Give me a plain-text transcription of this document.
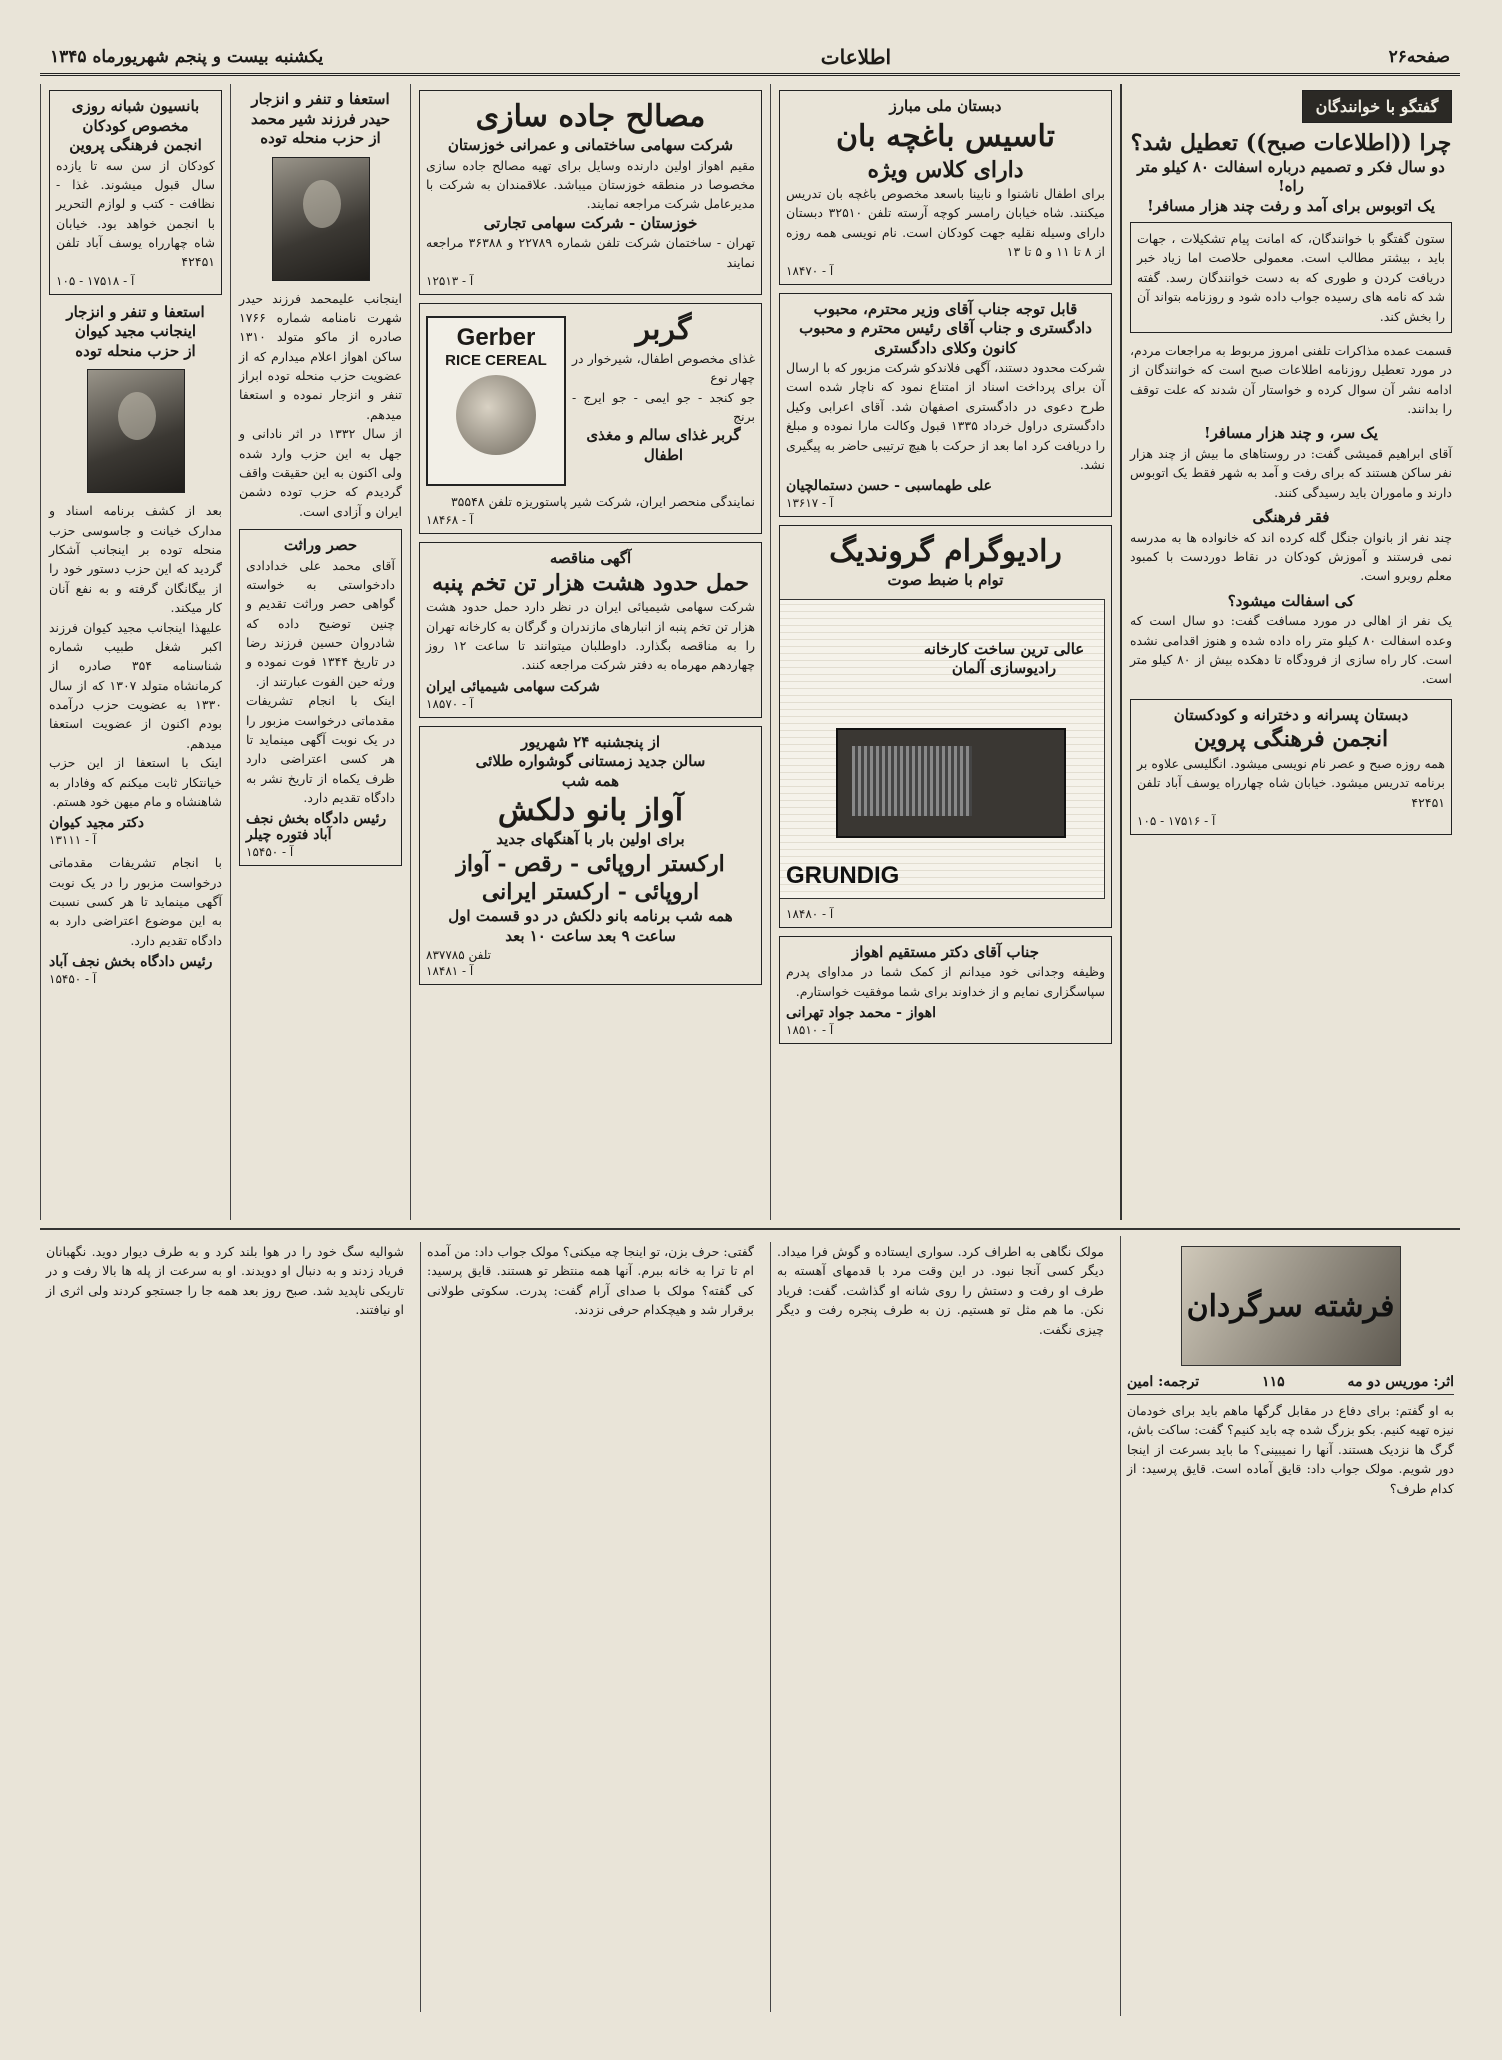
صفحه۲۶
اطلاعات
یکشنبه بیست و پنجم شهریورماه ۱۳۴۵
گفتگو با خوانندگان
چرا ((اطلاعات صبح)) تعطیل شد؟
دو سال فکر و تصمیم درباره اسفالت ۸۰ کیلو متر راه!
یک اتوبوس برای آمد و رفت چند هزار مسافر!
ستون گفتگو با خوانندگان، که امانت پیام تشکیلات ، جهات باید ، بیشتر مطالب است. معمولی حلاصت اما زیاد خبر دریافت کردن و طوری که به دست خوانندگان رسد. گفته شد که نامه های رسیده جواب داده شود و روزنامه بتواند آن را بخش کند.
قسمت عمده مذاکرات تلفنی امروز مربوط به مراجعات مردم، در مورد تعطیل روزنامه اطلاعات صبح است که خوانندگان از ادامه نشر آن سوال کرده و خواستار آن شدند که علت توقف را بدانند.
یک سر، و چند هزار مسافر!
آقای ابراهیم قمیشی گفت: در روستاهای ما بیش از چند هزار نفر ساکن هستند که برای رفت و آمد به شهر فقط یک اتوبوس دارند و ماموران باید رسیدگی کنند.
فقر فرهنگی
چند نفر از بانوان جنگل گله کرده اند که خانواده ها به مدرسه نمی فرستند و آموزش کودکان در نقاط دوردست با کمبود معلم روبرو است.
کی اسفالت میشود؟
یک نفر از اهالی در مورد مسافت گفت: دو سال است که وعده اسفالت ۸۰ کیلو متر راه داده شده و هنوز اقدامی نشده است. کار راه سازی از فرودگاه تا دهکده بیش از ۸۰ کیلو متر است.
دبستان پسرانه و دخترانه و کودکستان
انجمن فرهنگی پروین
همه روزه صبح و عصر نام نویسی میشود. انگلیسی علاوه بر برنامه تدریس میشود. خیابان شاه چهارراه یوسف آباد تلفن ۴۲۴۵۱
آ - ۱۷۵۱۶ - ۱۰۵
دبستان ملی مبارز
تاسیس باغچه بان
دارای کلاس ویژه
برای اطفال ناشنوا و نابینا باسعد مخصوص باغچه بان تدریس میکنند. شاه خیابان رامسر کوچه آرسته تلفن ۳۲۵۱۰ دبستان دارای وسیله نقلیه جهت کودکان است. نام نویسی همه روزه از ۸ تا ۱۱ و ۵ تا ۱۳
آ - ۱۸۴۷۰
قابل توجه جناب آقای وزیر محترم، محبوب دادگستری و جناب آقای رئیس محترم و محبوب کانون وکلای دادگستری
شرکت محدود دستند، آگهی فلاندکو شرکت مزبور که با ارسال آن برای پرداخت اسناد از امتناع نمود که ناچار شده است طرح دعوی در دادگستری اصفهان شد. آقای اعرابی وکیل دادگستری دراول خرداد ۱۳۳۵ قبول وکالت مارا نموده و مبلغ را دریافت کرد اما بعد از حرکت با هیچ ترتیبی حاضر به پیگیری نشد.
علی طهماسبی - حسن دستمالچیان
آ - ۱۳۶۱۷
رادیوگرام گروندیگ
توام با ضبط صوت
عالی ترین ساخت کارخانه رادیوسازی آلمان
GRUNDIG
آ - ۱۸۴۸۰
جناب آقای دکتر مستقیم اهواز
وظیفه وجدانی خود میدانم از کمک شما در مداوای پدرم سپاسگزاری نمایم و از خداوند برای شما موفقیت خواستارم.
اهواز - محمد جواد تهرانی
آ - ۱۸۵۱۰
مصالح جاده سازی
شرکت سهامی ساختمانی و عمرانی خوزستان
مقیم اهواز اولین دارنده وسایل برای تهیه مصالح جاده سازی مخصوصا در منطقه خوزستان میباشد. علاقمندان به شرکت با مدیرعامل شرکت مراجعه نمایند.
خوزستان - شرکت سهامی تجارتی
تهران - ساختمان شرکت تلفن شماره ۲۲۷۸۹ و ۳۶۳۸۸ مراجعه نمایند
آ - ۱۲۵۱۳
گربر
غذای مخصوص اطفال، شیرخوار در چهار نوع
جو کنجد - جو ایمی - جو ایرج - برنج
گربر غذای سالم و مغذی اطفال
Gerber
RICE CEREAL
نمایندگی منحصر ایران، شرکت شیر پاستوریزه تلفن ۳۵۵۴۸
آ - ۱۸۴۶۸
آگهی مناقصه
حمل حدود هشت هزار تن تخم پنبه
شرکت سهامی شیمیائی ایران در نظر دارد حمل حدود هشت هزار تن تخم پنبه از انبارهای مازندران و گرگان به کارخانه تهران را به مناقصه بگذارد. داوطلبان میتوانند تا ساعت ۱۲ روز چهاردهم مهرماه به دفتر شرکت مراجعه کنند.
شرکت سهامی شیمیائی ایران
آ - ۱۸۵۷۰
از پنجشنبه ۲۴ شهریور
سالن جدید زمستانی گوشواره طلائی
همه شب
آواز بانو دلکش
برای اولین بار با آهنگهای جدید
ارکستر اروپائی - رقص - آواز
اروپائی - ارکستر ایرانی
همه شب برنامه بانو دلکش در دو قسمت اول ساعت ۹ بعد ساعت ۱۰ بعد
تلفن ۸۳۷۷۸۵
آ - ۱۸۴۸۱
استعفا و تنفر و انزجار
حیدر فرزند شیر محمد
از حزب منحله توده
اینجانب علیمحمد فرزند حیدر شهرت نامنامه شماره ۱۷۶۶ صادره از ماکو متولد ۱۳۱۰ ساکن اهواز اعلام میدارم که از عضویت حزب منحله توده ابراز تنفر و انزجار نموده و استعفا میدهم.
از سال ۱۳۳۲ در اثر نادانی و جهل به این حزب وارد شده ولی اکنون به این حقیقت واقف گردیدم که حزب توده دشمن ایران و آزادی است.
حصر وراثت
آقای محمد علی خدادادی دادخواستی به خواسته گواهی حصر وراثت تقدیم و چنین توضیح داده که شادروان حسین فرزند رضا در تاریخ ۱۳۴۴ فوت نموده و ورثه حین الفوت عبارتند از.
اینک با انجام تشریفات مقدماتی درخواست مزبور را در یک نوبت آگهی مینماید تا هر کسی اعتراضی دارد ظرف یکماه از تاریخ نشر به دادگاه تقدیم دارد.
رئیس دادگاه بخش نجف آباد فتوره چیلر
آ - ۱۵۴۵۰
بانسیون شبانه روزی مخصوص کودکان
انجمن فرهنگی پروین
کودکان از سن سه تا یازده سال قبول میشوند. غذا - نظافت - کتب و لوازم التحریر با انجمن خواهد بود. خیابان شاه چهارراه یوسف آباد تلفن ۴۲۴۵۱
آ - ۱۷۵۱۸ - ۱۰۵
استعفا و تنفر و انزجار
اینجانب مجید کیوان
از حزب منحله توده
بعد از کشف برنامه اسناد و مدارک خیانت و جاسوسی حزب منحله توده بر اینجانب آشکار گردید که این حزب دستور خود را از بیگانگان گرفته و به نفع آنان کار میکند.
علیهذا اینجانب مجید کیوان فرزند اکبر شغل طبیب شماره شناسنامه ۳۵۴ صادره از کرمانشاه متولد ۱۳۰۷ که از سال ۱۳۳۰ به عضویت حزب درآمده بودم اکنون از عضویت استعفا میدهم.
اینک با استعفا از این حزب خیانتکار ثابت میکنم که وفادار به شاهنشاه و مام میهن خود هستم.
دکتر مجید کیوان
آ - ۱۳۱۱۱
با انجام تشریفات مقدماتی درخواست مزبور را در یک نوبت آگهی مینماید تا هر کسی نسبت به این موضوع اعتراضی دارد به دادگاه تقدیم دارد.
رئیس دادگاه بخش نجف آباد
آ - ۱۵۴۵۰
فرشته سرگردان
اثر: موریس دو مه
۱۱۵
ترجمه: امین
به او گفتم: برای دفاع در مقابل گرگها ماهم باید برای خودمان نیزه تهیه کنیم. بکو بزرگ شده چه باید کنیم؟ گفت: ساکت باش، گرگ ها نزدیک هستند. آنها را نمیبینی؟ ما باید بسرعت از اینجا دور شویم. مولک جواب داد: قایق آماده است. قایق پرسید: از کدام طرف؟
مولک نگاهی به اطراف کرد. سواری ایستاده و گوش فرا میداد. دیگر کسی آنجا نبود. در این وقت مرد با قدمهای آهسته به طرف او رفت و دستش را روی شانه او گذاشت. گفت: فریاد نکن. ما هم مثل تو هستیم. زن به طرف پنجره رفت و دیگر چیزی نگفت.
گفتی: حرف بزن، تو اینجا چه میکنی؟ مولک جواب داد: من آمده ام تا ترا به خانه ببرم. آنها همه منتظر تو هستند. قایق پرسید: کی گفته؟ مولک با صدای آرام گفت: پدرت. سکوتی طولانی برقرار شد و هیچکدام حرفی نزدند.
شوالیه سگ خود را در هوا بلند کرد و به طرف دیوار دوید. نگهبانان فریاد زدند و به دنبال او دویدند. او به سرعت از پله ها بالا رفت و در تاریکی ناپدید شد. صبح روز بعد همه جا را جستجو کردند ولی اثری از او نیافتند.
